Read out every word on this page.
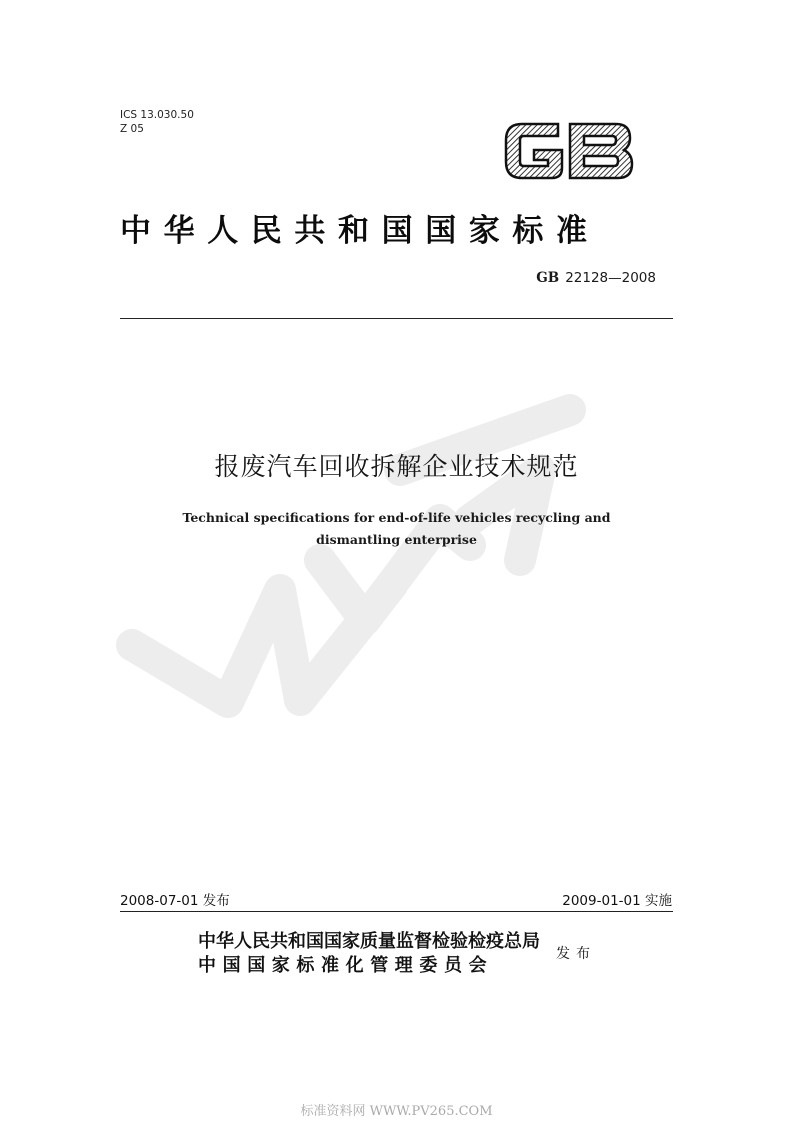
ICS 13.030.50
Z 05
中华人民共和国国家标准
GB 22128—2008
报废汽车回收拆解企业技术规范
Technical specifications for end-of-life vehicles recycling and
dismantling enterprise
2008-07-01 发布	2009-01-01 实施
中华人民共和国国家质量监督检验检疫总局
中国国家标准化管理委员会
发布
标准资料网 WWW.PV265.COM
